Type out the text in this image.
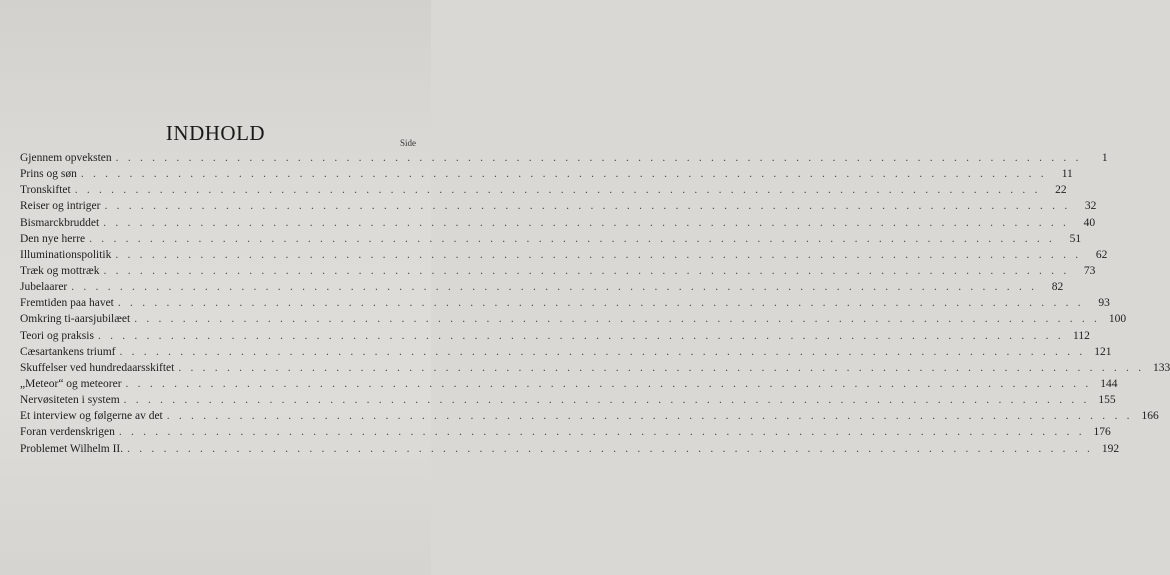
INDHOLD	Side
Gjennem opveksten . . . . . . . . . . . . . . . . . . . . . . . . . . . . . . . . . . . . . . . . . . . . . . . . . . . . . . . . . . . . . . . . . . . . . . . . . . . . . . . .	1
Prins og søn . . . . . . . . . . . . . . . . . . . . . . . . . . . . . . . . . . . . . . . . . . . . . . . . . . . . . . . . . . . . . . . . . . . . . . . . . . . . . . . .	11
Tronskiftet . . . . . . . . . . . . . . . . . . . . . . . . . . . . . . . . . . . . . . . . . . . . . . . . . . . . . . . . . . . . . . . . . . . . . . . . . . . . . . . .	22
Reiser og intriger . . . . . . . . . . . . . . . . . . . . . . . . . . . . . . . . . . . . . . . . . . . . . . . . . . . . . . . . . . . . . . . . . . . . . . . . . . . . . . . .	32
Bismarckbruddet . . . . . . . . . . . . . . . . . . . . . . . . . . . . . . . . . . . . . . . . . . . . . . . . . . . . . . . . . . . . . . . . . . . . . . . . . . . . . . . .	40
Den nye herre . . . . . . . . . . . . . . . . . . . . . . . . . . . . . . . . . . . . . . . . . . . . . . . . . . . . . . . . . . . . . . . . . . . . . . . . . . . . . . . .	51
Illuminationspolitik . . . . . . . . . . . . . . . . . . . . . . . . . . . . . . . . . . . . . . . . . . . . . . . . . . . . . . . . . . . . . . . . . . . . . . . . . . . . . . . .	62
Træk og mottræk . . . . . . . . . . . . . . . . . . . . . . . . . . . . . . . . . . . . . . . . . . . . . . . . . . . . . . . . . . . . . . . . . . . . . . . . . . . . . . . .	73
Jubelaarer . . . . . . . . . . . . . . . . . . . . . . . . . . . . . . . . . . . . . . . . . . . . . . . . . . . . . . . . . . . . . . . . . . . . . . . . . . . . . . . .	82
Fremtiden paa havet . . . . . . . . . . . . . . . . . . . . . . . . . . . . . . . . . . . . . . . . . . . . . . . . . . . . . . . . . . . . . . . . . . . . . . . . . . . . . . . .	93
Omkring ti-aarsjubilæet . . . . . . . . . . . . . . . . . . . . . . . . . . . . . . . . . . . . . . . . . . . . . . . . . . . . . . . . . . . . . . . . . . . . . . . . . . . . . . . . 100
Teori og praksis . . . . . . . . . . . . . . . . . . . . . . . . . . . . . . . . . . . . . . . . . . . . . . . . . . . . . . . . . . . . . . . . . . . . . . . . . . . . . . . . 112
Cæsartankens triumf . . . . . . . . . . . . . . . . . . . . . . . . . . . . . . . . . . . . . . . . . . . . . . . . . . . . . . . . . . . . . . . . . . . . . . . . . . . . . . . . 121
Skuffelser ved hundredaarsskiftet . . . . . . . . . . . . . . . . . . . . . . . . . . . . . . . . . . . . . . . . . . . . . . . . . . . . . . . . . . . . . . . . . . . . . . . . . . . . . . . . 133
„Meteor“ og meteorer . . . . . . . . . . . . . . . . . . . . . . . . . . . . . . . . . . . . . . . . . . . . . . . . . . . . . . . . . . . . . . . . . . . . . . . . . . . . . . . . 144
Nervøsiteten i system . . . . . . . . . . . . . . . . . . . . . . . . . . . . . . . . . . . . . . . . . . . . . . . . . . . . . . . . . . . . . . . . . . . . . . . . . . . . . . . . 155
Et interview og følgerne av det . . . . . . . . . . . . . . . . . . . . . . . . . . . . . . . . . . . . . . . . . . . . . . . . . . . . . . . . . . . . . . . . . . . . . . . . . . . . . . . . 166
Foran verdenskrigen . . . . . . . . . . . . . . . . . . . . . . . . . . . . . . . . . . . . . . . . . . . . . . . . . . . . . . . . . . . . . . . . . . . . . . . . . . . . . . . . 176
Problemet Wilhelm II. . . . . . . . . . . . . . . . . . . . . . . . . . . . . . . . . . . . . . . . . . . . . . . . . . . . . . . . . . . . . . . . . . . . . . . . . . . . . . . . . 192
